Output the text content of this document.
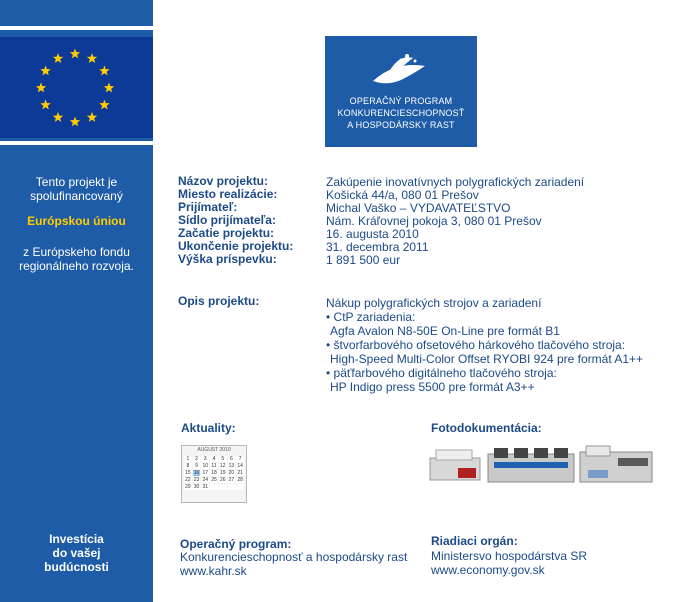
Tento projekt je
spolufinancovaný
Európskou úniou
z Európskeho fondu
regionálneho rozvoja.
Investícia
do vašej
budúcnosti
OPERAČNÝ PROGRAM
KONKURENCIESCHOPNOSŤ
A HOSPODÁRSKY RAST
Názov projektu:	Zakúpenie inovatívnych polygrafických zariadení
Miesto realizácie:	Košická 44/a, 080 01 Prešov
Prijímateľ:	Michal Vaško – VYDAVATEĽSTVO
Sídlo prijímateľa:	Nám. Kráľovnej pokoja 3, 080 01 Prešov
Začatie projektu:	16. augusta 2010
Ukončenie projektu:	31. decembra 2011
Výška príspevku:	1 891 500 eur
Opis projektu:	Nákup polygrafických strojov a zariadení
• CtP zariadenia:
Agfa Avalon N8-50E On-Line pre formát B1
• štvorfarbového ofsetového hárkového tlačového stroja:
High-Speed Multi-Color Offset RYOBI 924 pre formát A1++
• päťfarbového digitálneho tlačového stroja:
HP Indigo press 5500 pre formát A3++
Aktuality:
AUGUST 2010
1	2	3	4	5	6	7
8	9 10 11 12 13 14
15 16 17 18 19 20 21
22 23 24 25 26 27 28
29 30 31
Fotodokumentácia:
Operačný program:
Konkurencieschopnosť a hospodársky rast
www.kahr.sk
Riadiaci orgán:
Ministersvo hospodárstva SR
www.economy.gov.sk
